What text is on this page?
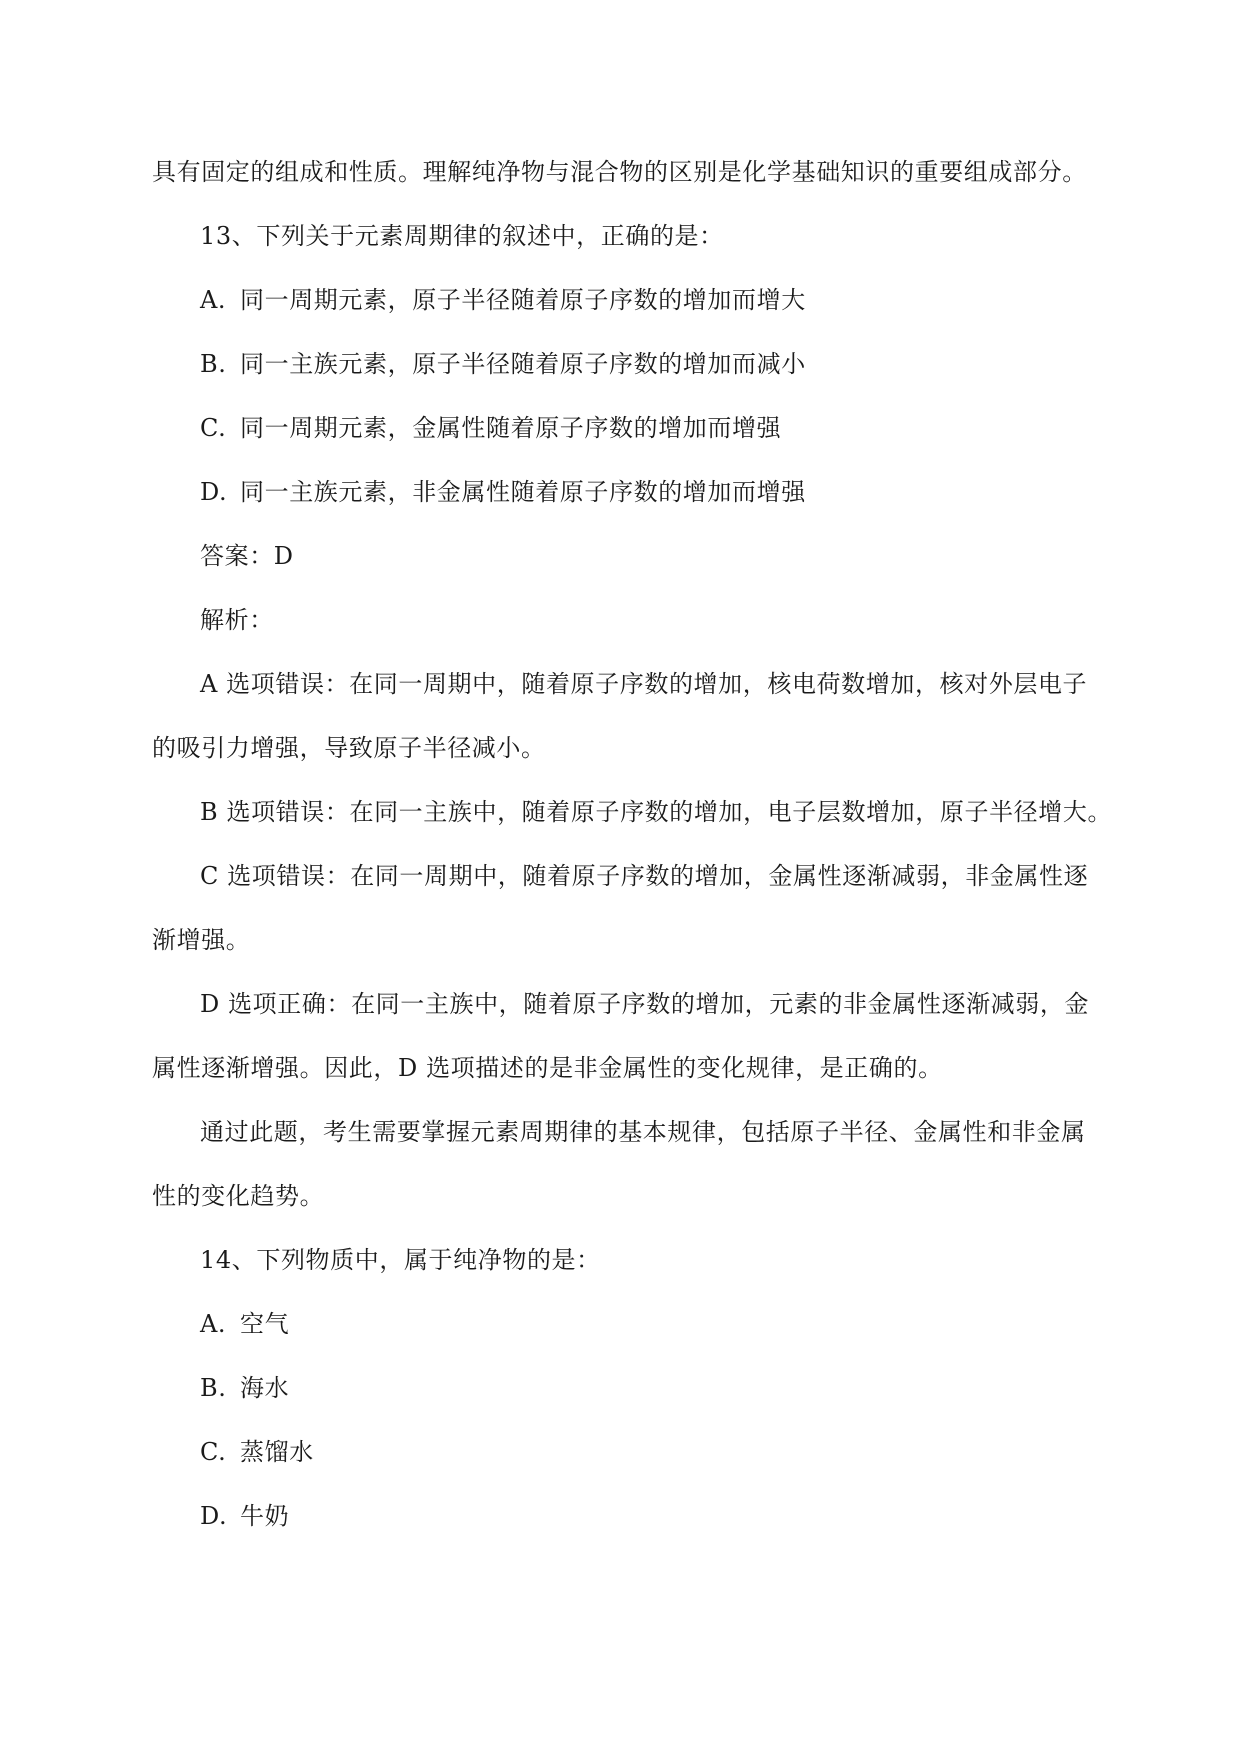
具有固定的组成和性质。理解纯净物与混合物的区别是化学基础知识的重要组成部分。
13、下列关于元素周期律的叙述中，正确的是：
A. 同一周期元素，原子半径随着原子序数的增加而增大
B. 同一主族元素，原子半径随着原子序数的增加而减小
C. 同一周期元素，金属性随着原子序数的增加而增强
D. 同一主族元素，非金属性随着原子序数的增加而增强
答案：D
解析：
A 选项错误：在同一周期中，随着原子序数的增加，核电荷数增加，核对外层电子
的吸引力增强，导致原子半径减小。
B 选项错误：在同一主族中，随着原子序数的增加，电子层数增加，原子半径增大。
C 选项错误：在同一周期中，随着原子序数的增加，金属性逐渐减弱，非金属性逐
渐增强。
D 选项正确：在同一主族中，随着原子序数的增加，元素的非金属性逐渐减弱，金
属性逐渐增强。因此，D 选项描述的是非金属性的变化规律，是正确的。
通过此题，考生需要掌握元素周期律的基本规律，包括原子半径、金属性和非金属
性的变化趋势。
14、下列物质中，属于纯净物的是：
A. 空气
B. 海水
C. 蒸馏水
D. 牛奶
